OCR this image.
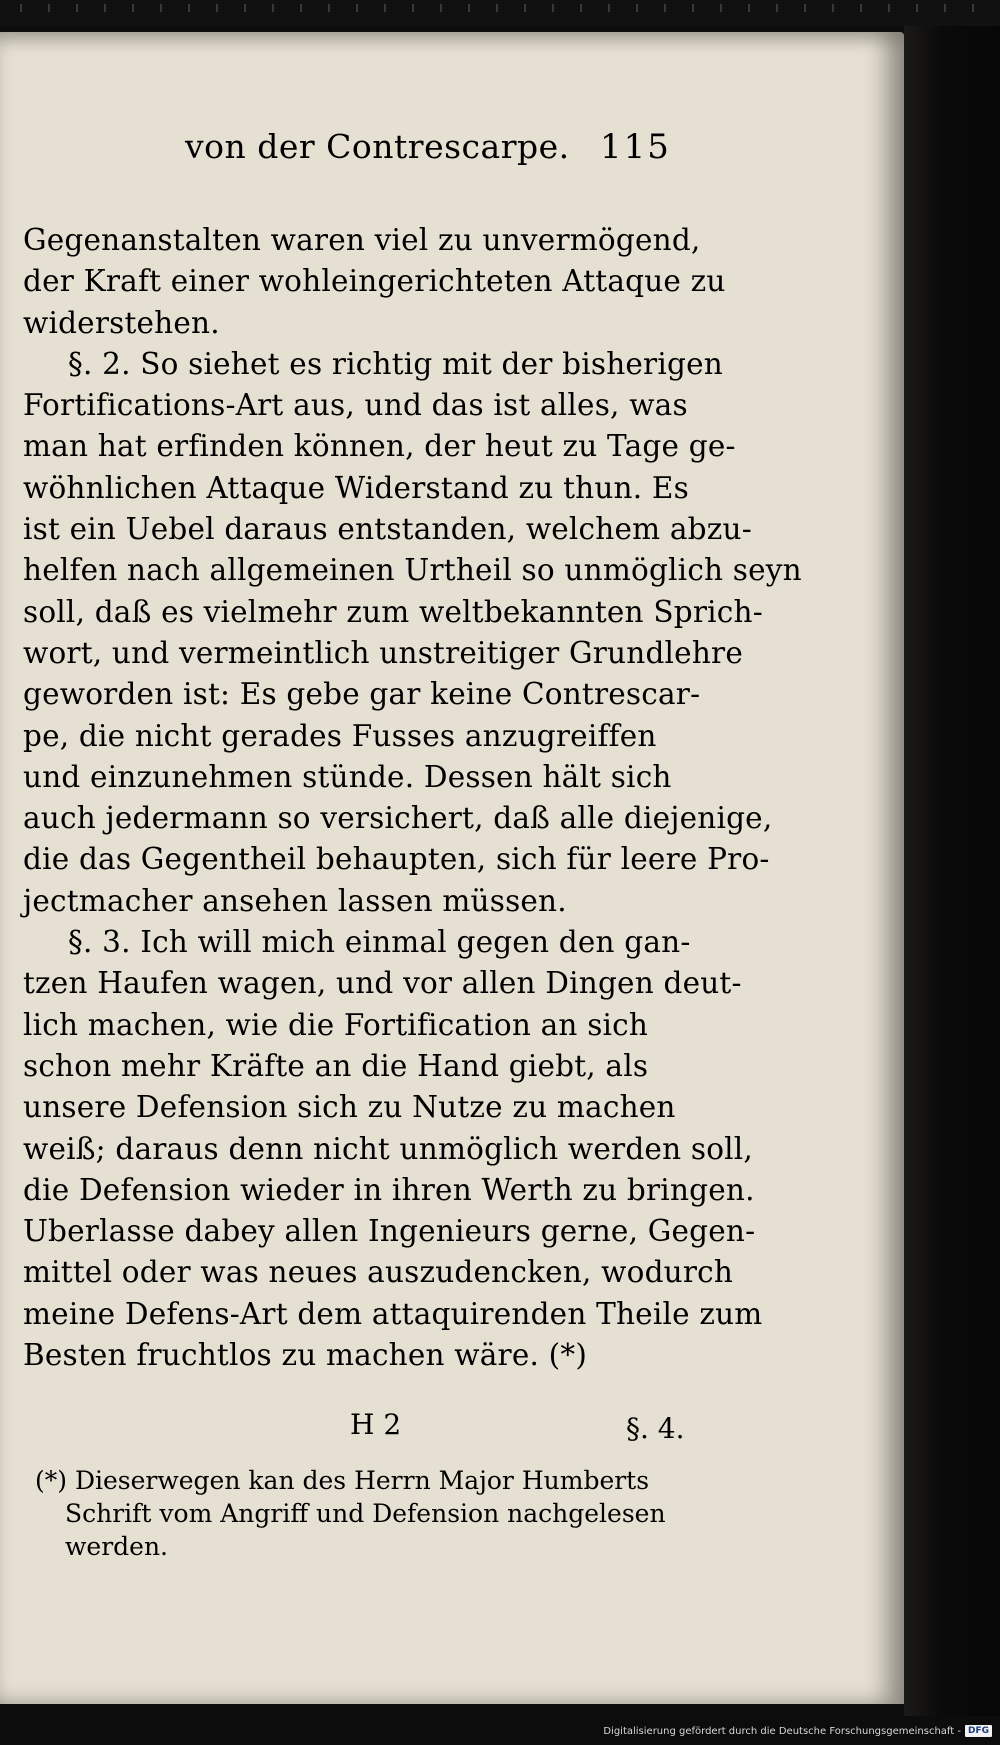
von der Contrescarpe. 115
Gegenanstalten waren viel zu unvermögend,
der Kraft einer wohleingerichteten Attaque zu
widerstehen.
§. 2. So siehet es richtig mit der bisherigen
Fortifications-Art aus, und das ist alles, was
man hat erfinden können, der heut zu Tage ge-
wöhnlichen Attaque Widerstand zu thun. Es
ist ein Uebel daraus entstanden, welchem abzu-
helfen nach allgemeinen Urtheil so unmöglich seyn
soll, daß es vielmehr zum weltbekannten Sprich-
wort, und vermeintlich unstreitiger Grundlehre
geworden ist: Es gebe gar keine Contrescar-
pe, die nicht gerades Fusses anzugreiffen
und einzunehmen stünde. Dessen hält sich
auch jedermann so versichert, daß alle diejenige,
die das Gegentheil behaupten, sich für leere Pro-
jectmacher ansehen lassen müssen.
§. 3. Ich will mich einmal gegen den gan-
tzen Haufen wagen, und vor allen Dingen deut-
lich machen, wie die Fortification an sich
schon mehr Kräfte an die Hand giebt, als
unsere Defension sich zu Nutze zu machen
weiß; daraus denn nicht unmöglich werden soll,
die Defension wieder in ihren Werth zu bringen.
Uberlasse dabey allen Ingenieurs gerne, Gegen-
mittel oder was neues auszudencken, wodurch
meine Defens-Art dem attaquirenden Theile zum
Besten fruchtlos zu machen wäre. (*)
H 2	§. 4.
(*) Dieserwegen kan des Herrn Major Humberts
Schrift vom Angriff und Defension nachgelesen
werden.
Digitalisierung gefördert durch die Deutsche Forschungsgemeinschaft - DFG
